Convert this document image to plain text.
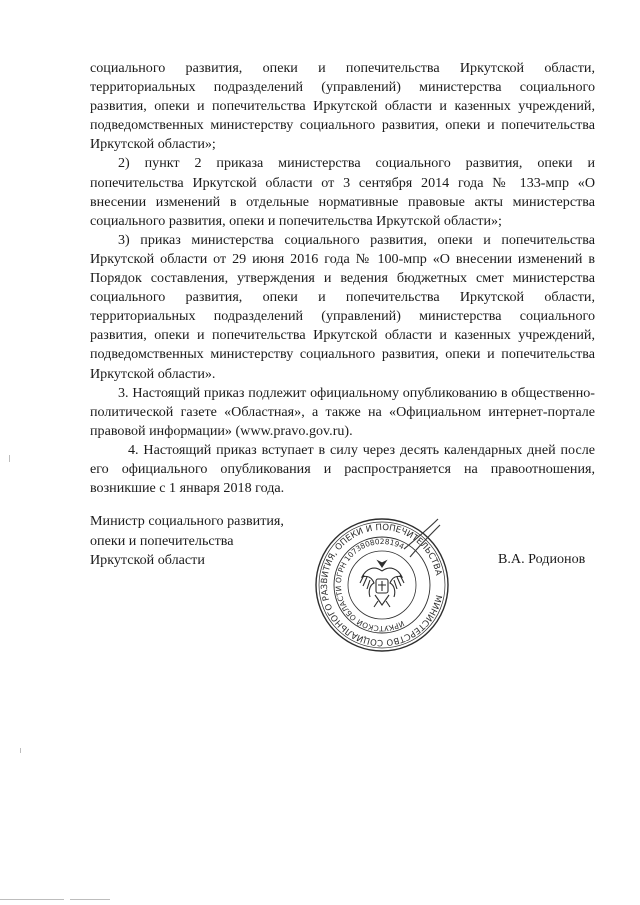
социального развития, опеки и попечительства Иркутской области, территориальных подразделений (управлений) министерства социального развития, опеки и попечительства Иркутской области и казенных учреждений, подведомственных министерству социального развития, опеки и попечительства Иркутской области»;

2) пункт 2 приказа министерства социального развития, опеки и попечительства Иркутской области от 3 сентября 2014 года № 133-мпр «О внесении изменений в отдельные нормативные правовые акты министерства социального развития, опеки и попечительства Иркутской области»;

3) приказ министерства социального развития, опеки и попечительства Иркутской области от 29 июня 2016 года № 100-мпр «О внесении изменений в Порядок составления, утверждения и ведения бюджетных смет министерства социального развития, опеки и попечительства Иркутской области, территориальных подразделений (управлений) министерства социального развития, опеки и попечительства Иркутской области и казенных учреждений, подведомственных министерству социального развития, опеки и попечительства Иркутской области».

3. Настоящий приказ подлежит официальному опубликованию в общественно-политической газете «Областная», а также на «Официальном интернет-портале правовой информации» (www.pravo.gov.ru).

4. Настоящий приказ вступает в силу через десять календарных дней после его официального опубликования и распространяется на правоотношения, возникшие с 1 января 2018 года.

Министр социального развития,
опеки и попечительства
Иркутской области
МИНИСТЕРСТВО СОЦИАЛЬНОГО РАЗВИТИЯ, ОПЕКИ И ПОПЕЧИТЕЛЬСТВА
ИРКУТСКОЙ ОБЛАСТИ ОГРН 1073808028194
В.А. Родионов
